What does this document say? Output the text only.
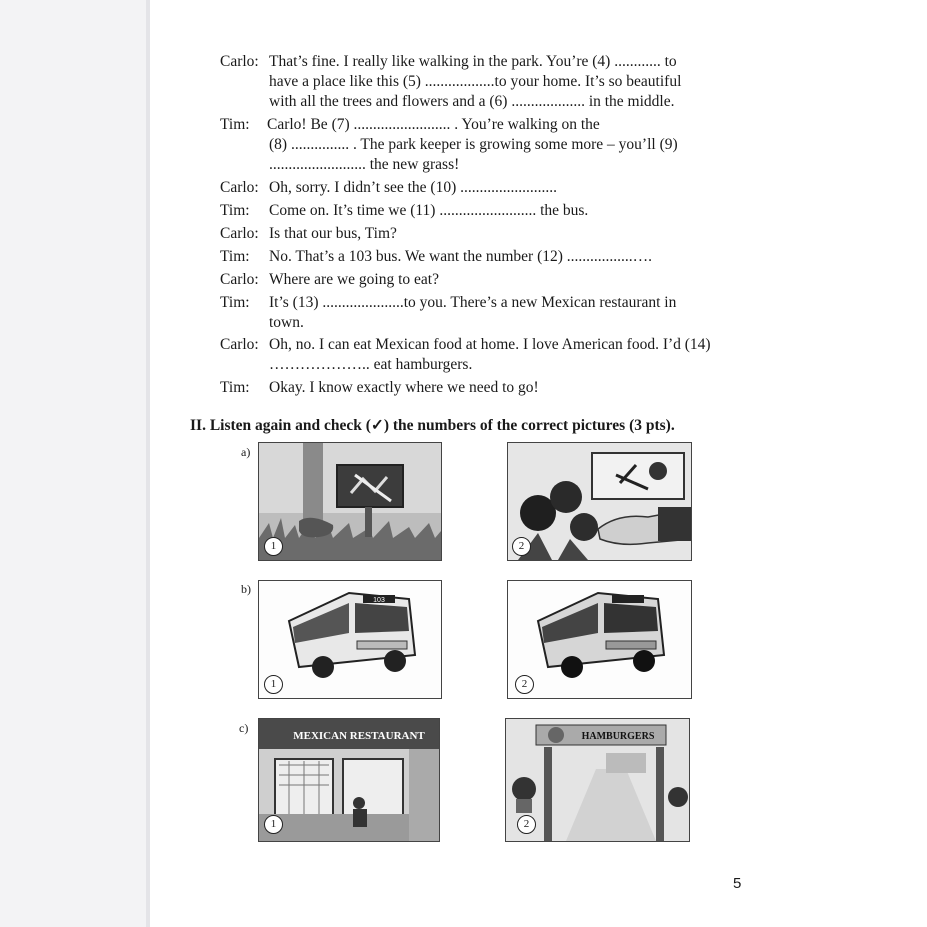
Carlo: That’s fine. I really like walking in the park. You’re (4) ............ to
have a place like this (5) ..................to your home. It’s so beautiful
with all the trees and flowers and a (6) ................... in the middle.
Tim: Carlo! Be (7) ......................... . You’re walking on the
(8) ............... . The park keeper is growing some more – you’ll (9)
......................... the new grass!
Carlo: Oh, sorry. I didn’t see the (10) .........................
Tim: Come on. It’s time we (11) ......................... the bus.
Carlo: Is that our bus, Tim?
Tim: No. That’s a 103 bus. We want the number (12) .................….
Carlo: Where are we going to eat?
Tim: It’s (13) .....................to you. There’s a new Mexican restaurant in
town.
Carlo: Oh, no. I can eat Mexican food at home. I love American food. I’d (14)
……………….. eat hamburgers.
Tim: Okay. I know exactly where we need to go!
II. Listen again and check (✓) the numbers of the correct pictures (3 pts).
a)
1	2
b)
103
1	2
c)
MEXICAN RESTAURANT
1
HAMBURGERS
2
5
